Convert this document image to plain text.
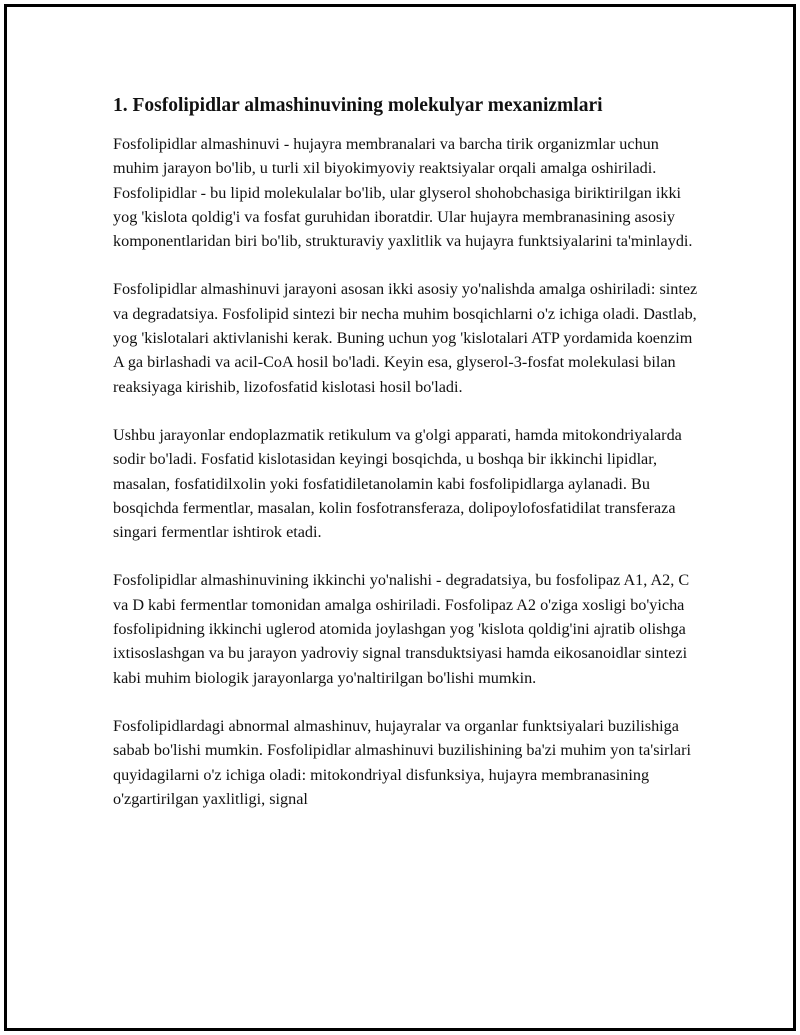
1. Fosfolipidlar almashinuvining molekulyar mexanizmlari

Fosfolipidlar almashinuvi - hujayra membranalari va barcha tirik organizmlar uchun muhim jarayon bo'lib, u turli xil biyokimyoviy reaktsiyalar orqali amalga oshiriladi. Fosfolipidlar - bu lipid molekulalar bo'lib, ular glyserol shohobchasiga biriktirilgan ikki yog 'kislota qoldig'i va fosfat guruhidan iboratdir. Ular hujayra membranasining asosiy komponentlaridan biri bo'lib, strukturaviy yaxlitlik va hujayra funktsiyalarini ta'minlaydi.

Fosfolipidlar almashinuvi jarayoni asosan ikki asosiy yo'nalishda amalga oshiriladi: sintez va degradatsiya. Fosfolipid sintezi bir necha muhim bosqichlarni o'z ichiga oladi. Dastlab, yog 'kislotalari aktivlanishi kerak. Buning uchun yog 'kislotalari ATP yordamida koenzim A ga birlashadi va acil-CoA hosil bo'ladi. Keyin esa, glyserol-3-fosfat molekulasi bilan reaksiyaga kirishib, lizofosfatid kislotasi hosil bo'ladi.

Ushbu jarayonlar endoplazmatik retikulum va g'olgi apparati, hamda mitokondriyalarda sodir bo'ladi. Fosfatid kislotasidan keyingi bosqichda, u boshqa bir ikkinchi lipidlar, masalan, fosfatidilxolin yoki fosfatidiletanolamin kabi fosfolipidlarga aylanadi. Bu bosqichda fermentlar, masalan, kolin fosfotransferaza, dolipoylofosfatidilat transferaza singari fermentlar ishtirok etadi.

Fosfolipidlar almashinuvining ikkinchi yo'nalishi - degradatsiya, bu fosfolipaz A1, A2, C va D kabi fermentlar tomonidan amalga oshiriladi. Fosfolipaz A2 o'ziga xosligi bo'yicha fosfolipidning ikkinchi uglerod atomida joylashgan yog 'kislota qoldig'ini ajratib olishga ixtisoslashgan va bu jarayon yadroviy signal transduktsiyasi hamda eikosanoidlar sintezi kabi muhim biologik jarayonlarga yo'naltirilgan bo'lishi mumkin.

Fosfolipidlardagi abnormal almashinuv, hujayralar va organlar funktsiyalari buzilishiga sabab bo'lishi mumkin. Fosfolipidlar almashinuvi buzilishining ba'zi muhim yon ta'sirlari quyidagilarni o'z ichiga oladi: mitokondriyal disfunksiya, hujayra membranasining o'zgartirilgan yaxlitligi, signal
